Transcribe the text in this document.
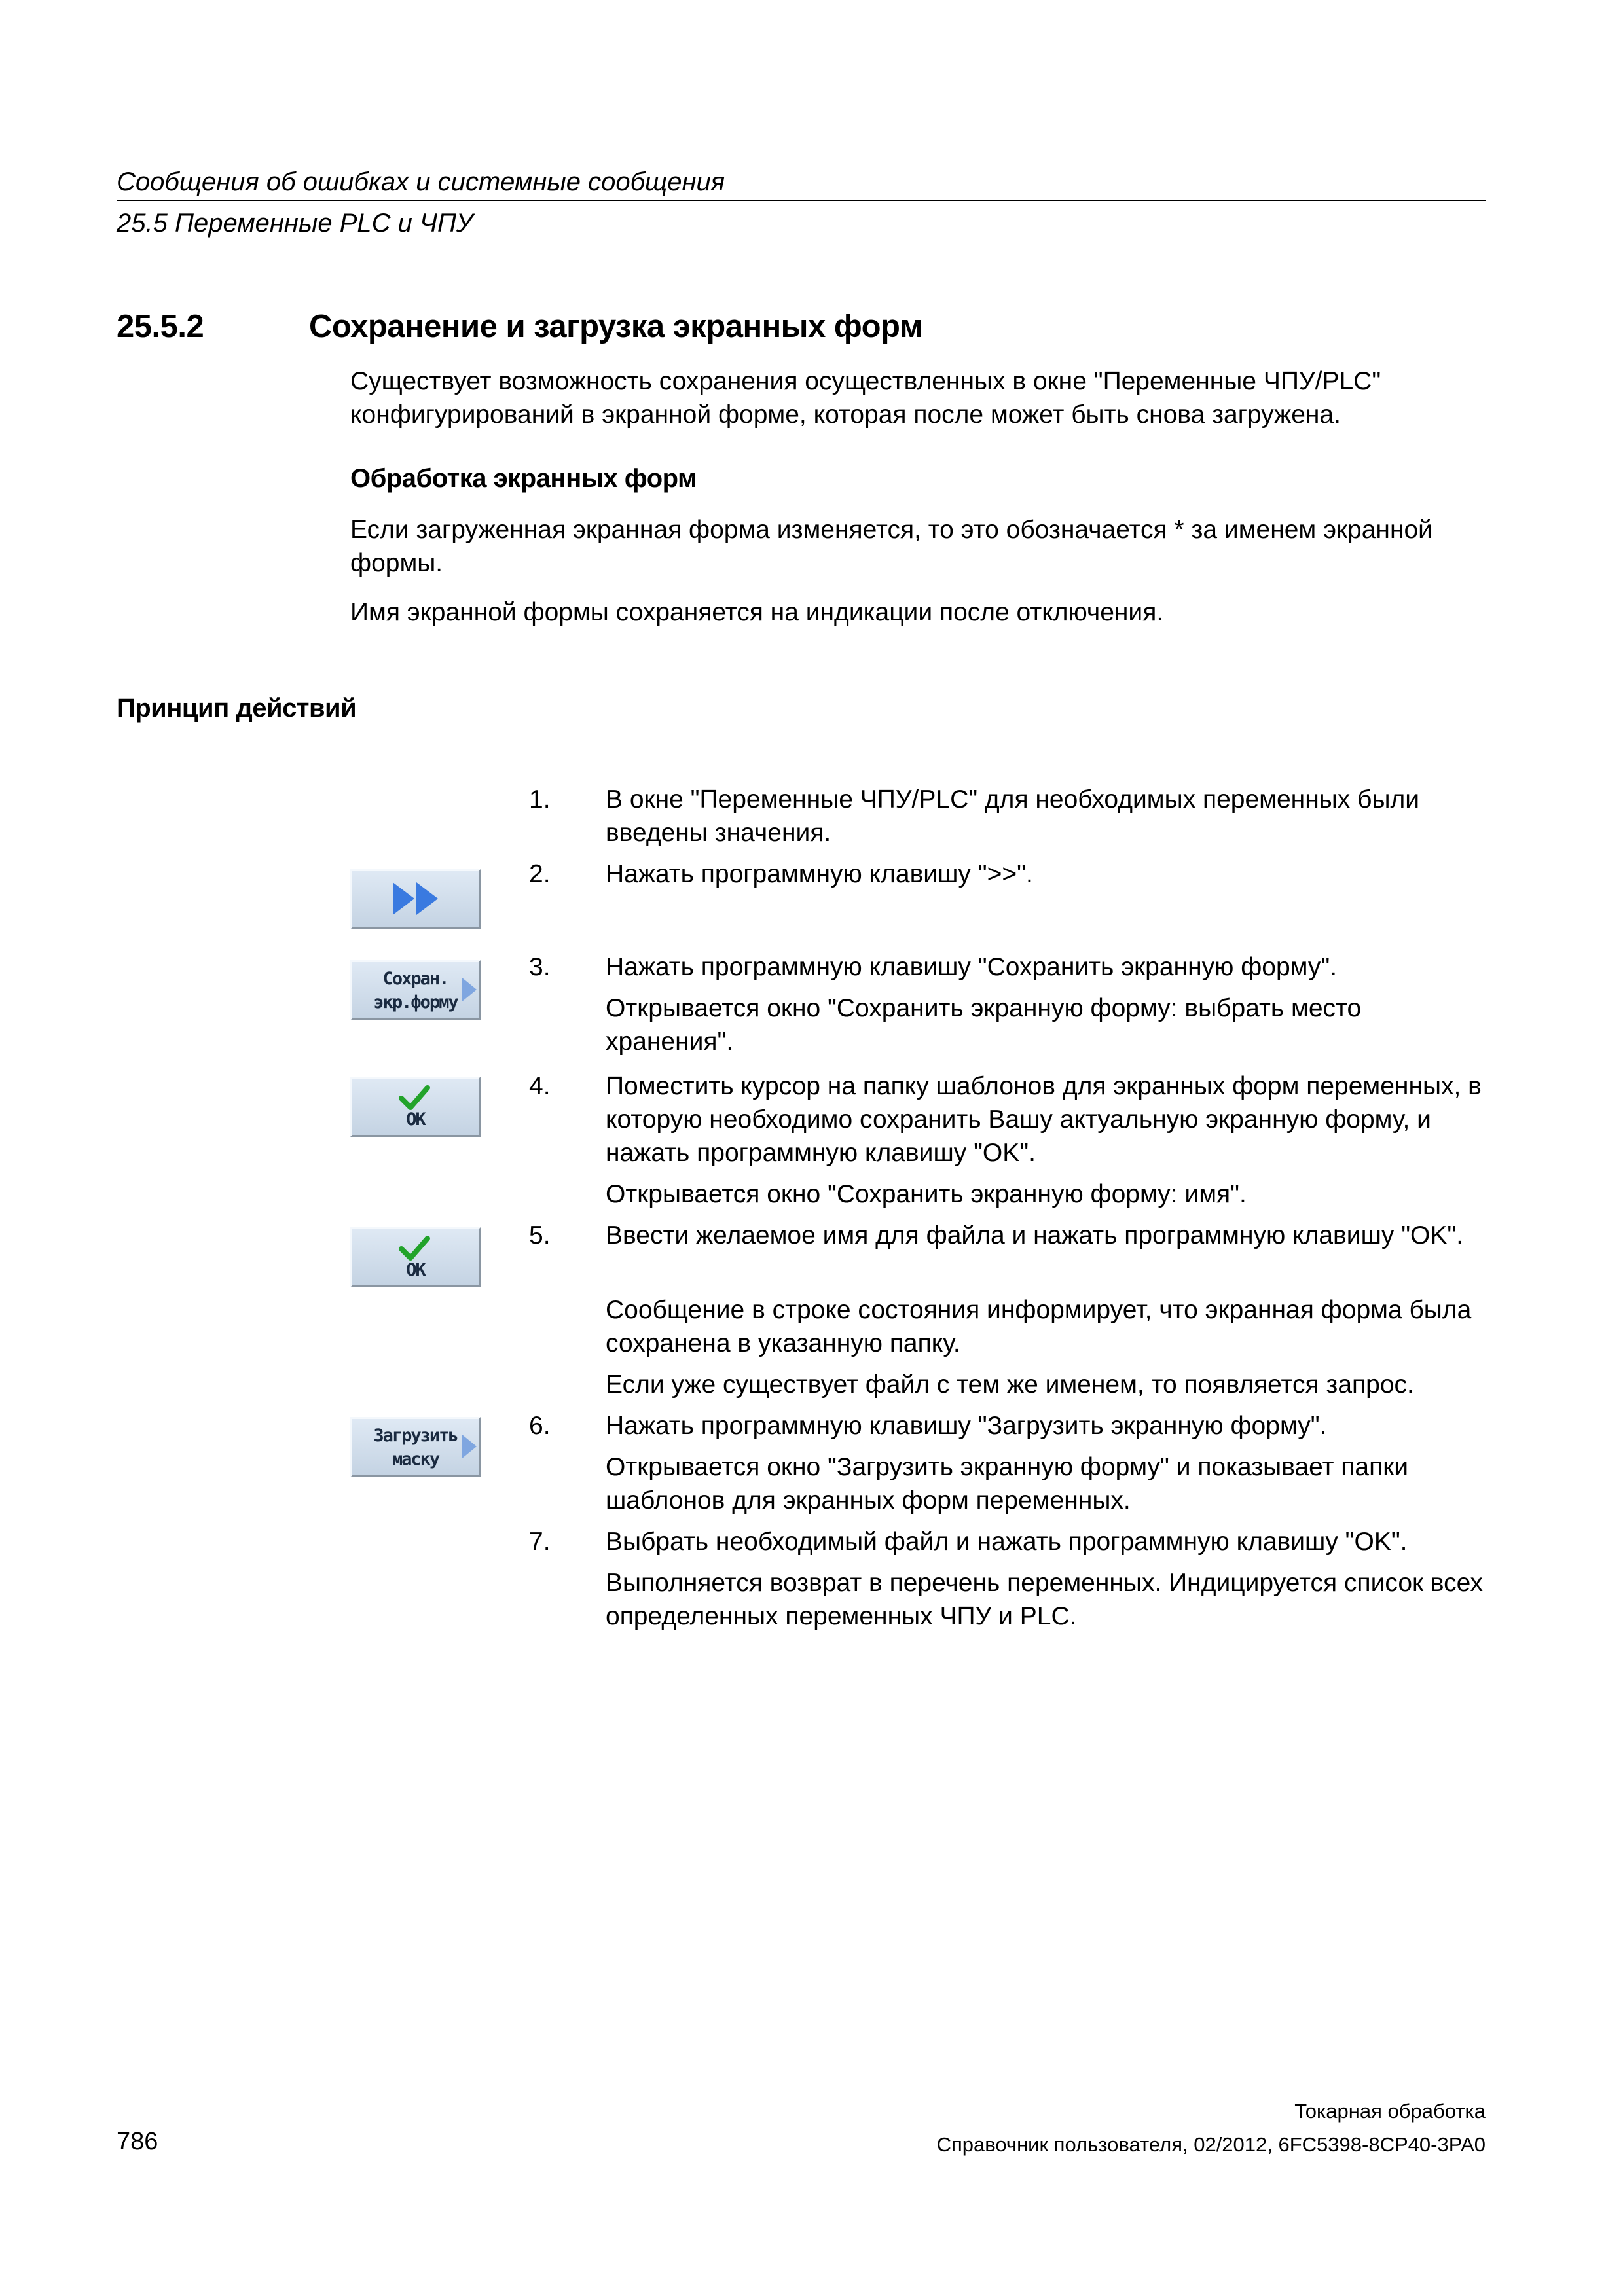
Сообщения об ошибках и системные сообщения
25.5 Переменные PLC и ЧПУ
25.5.2	Сохранение и загрузка экранных форм
Существует возможность сохранения осуществленных в окне "Переменные ЧПУ/PLC" конфигурирований в экранной форме, которая после может быть снова загружена.
Обработка экранных форм
Если загруженная экранная форма изменяется, то это обозначается * за именем экранной формы.
Имя экранной формы сохраняется на индикации после отключения.
Принцип действий
1. В окне "Переменные ЧПУ/PLC" для необходимых переменных были введены значения.
2. Нажать программную клавишу ">>".
3. Нажать программную клавишу "Сохранить экранную форму".
Открывается окно "Сохранить экранную форму: выбрать место хранения".
4. Поместить курсор на папку шаблонов для экранных форм переменных, в которую необходимо сохранить Вашу актуальную экранную форму, и нажать программную клавишу "OK".
Открывается окно "Сохранить экранную форму: имя".
5. Ввести желаемое имя для файла и нажать программную клавишу "OK".
Сообщение в строке состояния информирует, что экранная форма была сохранена в указанную папку.
Если уже существует файл с тем же именем, то появляется запрос.
6. Нажать программную клавишу "Загрузить экранную форму".
Открывается окно "Загрузить экранную форму" и показывает папки шаблонов для экранных форм переменных.
7. Выбрать необходимый файл и нажать программную клавишу "OK".
Выполняется возврат в перечень переменных. Индицируется список всех определенных переменных ЧПУ и PLC.
Сохран.
экр.форму
OK
OK
Загрузить
маску
Токарная обработка
786	Справочник пользователя, 02/2012, 6FC5398-8CP40-3PA0
